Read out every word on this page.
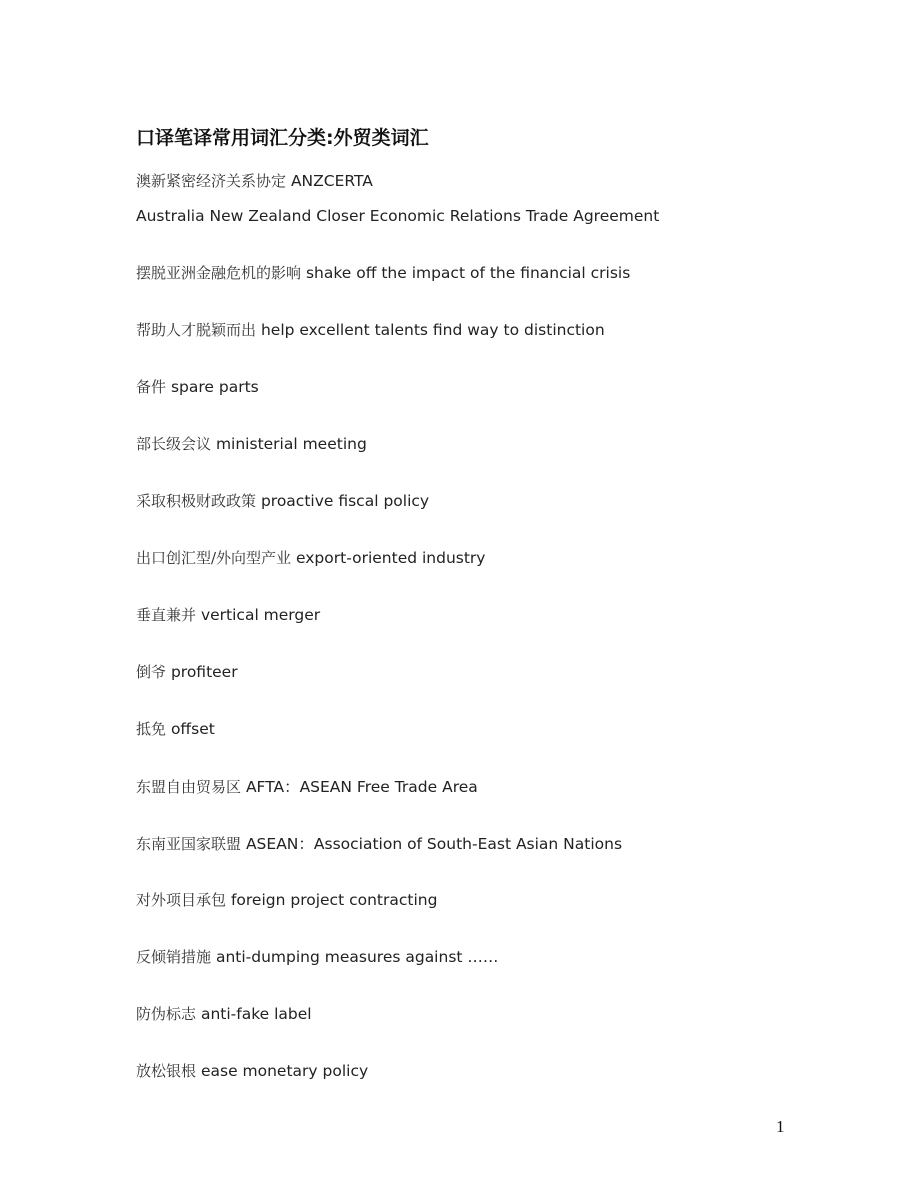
口译笔译常用词汇分类:外贸类词汇
澳新紧密经济关系协定 ANZCERTA
Australia New Zealand Closer Economic Relations Trade Agreement
摆脱亚洲金融危机的影响 shake off the impact of the financial crisis
帮助人才脱颖而出 help excellent talents find way to distinction
备件 spare parts
部长级会议 ministerial meeting
采取积极财政政策 proactive fiscal policy
出口创汇型/外向型产业 export-oriented industry
垂直兼并 vertical merger
倒爷 profiteer
抵免 offset
东盟自由贸易区 AFTA：ASEAN Free Trade Area
东南亚国家联盟 ASEAN：Association of South-East Asian Nations
对外项目承包 foreign project contracting
反倾销措施 anti-dumping measures against ……
防伪标志 anti-fake label
放松银根 ease monetary policy
1
